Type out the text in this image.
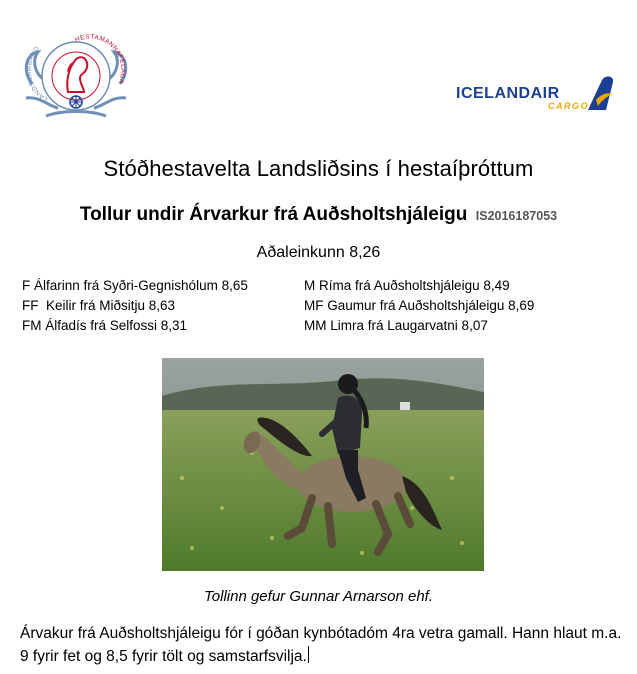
LANDSSAMBAND
HESTAMANNAFÉLAGA
ICELANDAIR
CARGO
Stóðhestavelta Landsliðsins í hestaíþróttum
Tollur undir Árvarkur frá Auðsholtshjáleigu IS2016187053
Aðaleinkunn 8,26
F Álfarinn frá Syðri-Gegnishólum 8,65
FF  Keilir frá Miðsitju 8,63
FM Álfadís frá Selfossi 8,31
M Ríma frá Auðsholtshjáleigu 8,49
MF Gaumur frá Auðsholtshjáleigu 8,69
MM Limra frá Laugarvatni 8,07
Tollinn gefur Gunnar Arnarson ehf.
Árvakur frá Auðsholtshjáleigu fór í góðan kynbótadóm 4ra vetra gamall. Hann hlaut m.a. 9 fyrir fet og 8,5 fyrir tölt og samstarfsvilja.
